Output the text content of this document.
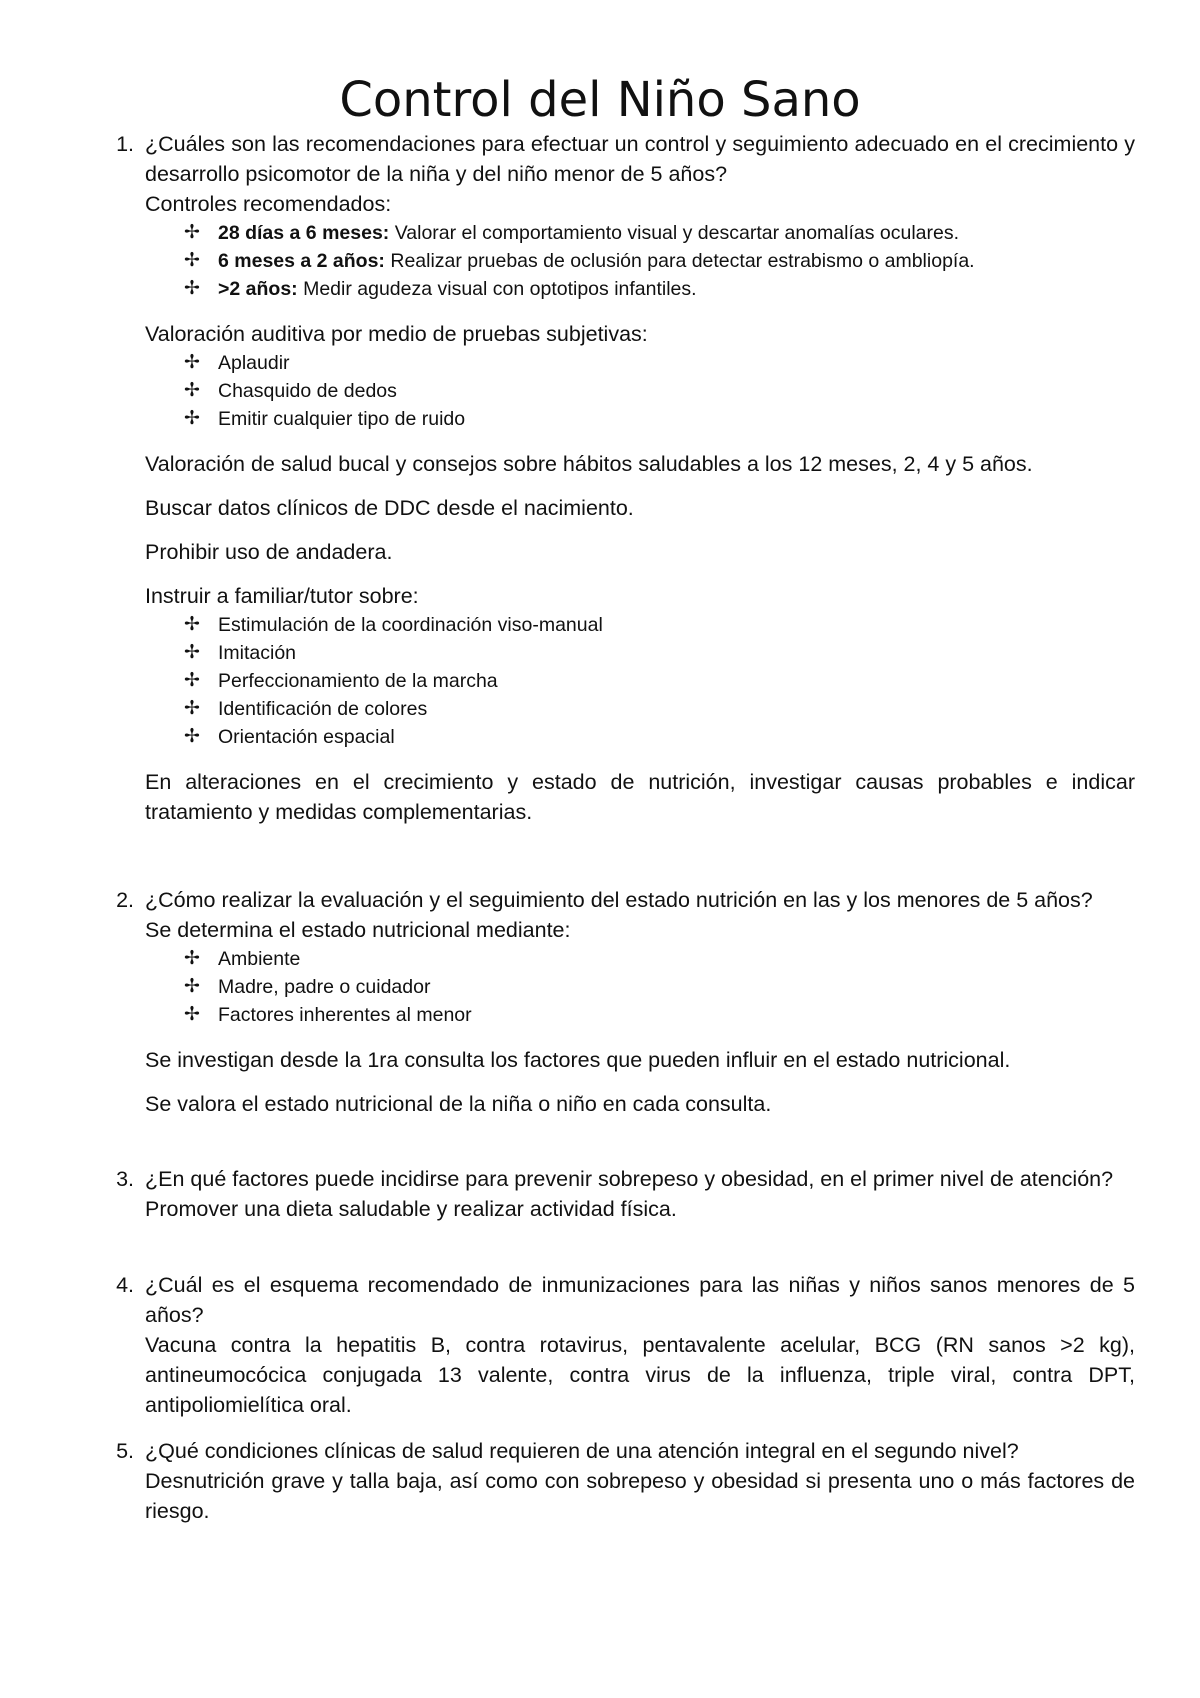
Control del Niño Sano
1. ¿Cuáles son las recomendaciones para efectuar un control y seguimiento adecuado en el crecimiento y desarrollo psicomotor de la niña y del niño menor de 5 años?

Controles recomendados:

✢ 28 días a 6 meses: Valorar el comportamiento visual y descartar anomalías oculares.
✢ 6 meses a 2 años: Realizar pruebas de oclusión para detectar estrabismo o ambliopía.
✢ >2 años: Medir agudeza visual con optotipos infantiles.

Valoración auditiva por medio de pruebas subjetivas:

✢ Aplaudir
✢ Chasquido de dedos
✢ Emitir cualquier tipo de ruido

Valoración de salud bucal y consejos sobre hábitos saludables a los 12 meses, 2, 4 y 5 años.

Buscar datos clínicos de DDC desde el nacimiento.

Prohibir uso de andadera.

Instruir a familiar/tutor sobre:

✢ Estimulación de la coordinación viso-manual
✢ Imitación
✢ Perfeccionamiento de la marcha
✢ Identificación de colores
✢ Orientación espacial

En alteraciones en el crecimiento y estado de nutrición, investigar causas probables e indicar tratamiento y medidas complementarias.

2. ¿Cómo realizar la evaluación y el seguimiento del estado nutrición en las y los menores de 5 años?

Se determina el estado nutricional mediante:

✢ Ambiente
✢ Madre, padre o cuidador
✢ Factores inherentes al menor

Se investigan desde la 1ra consulta los factores que pueden influir en el estado nutricional.

Se valora el estado nutricional de la niña o niño en cada consulta.

3. ¿En qué factores puede incidirse para prevenir sobrepeso y obesidad, en el primer nivel de atención?

Promover una dieta saludable y realizar actividad física.

4. ¿Cuál es el esquema recomendado de inmunizaciones para las niñas y niños sanos menores de 5 años?

Vacuna contra la hepatitis B, contra rotavirus, pentavalente acelular, BCG (RN sanos >2 kg), antineumocócica conjugada 13 valente, contra virus de la influenza, triple viral, contra DPT, antipoliomielítica oral.

5. ¿Qué condiciones clínicas de salud requieren de una atención integral en el segundo nivel?

Desnutrición grave y talla baja, así como con sobrepeso y obesidad si presenta uno o más factores de riesgo.
